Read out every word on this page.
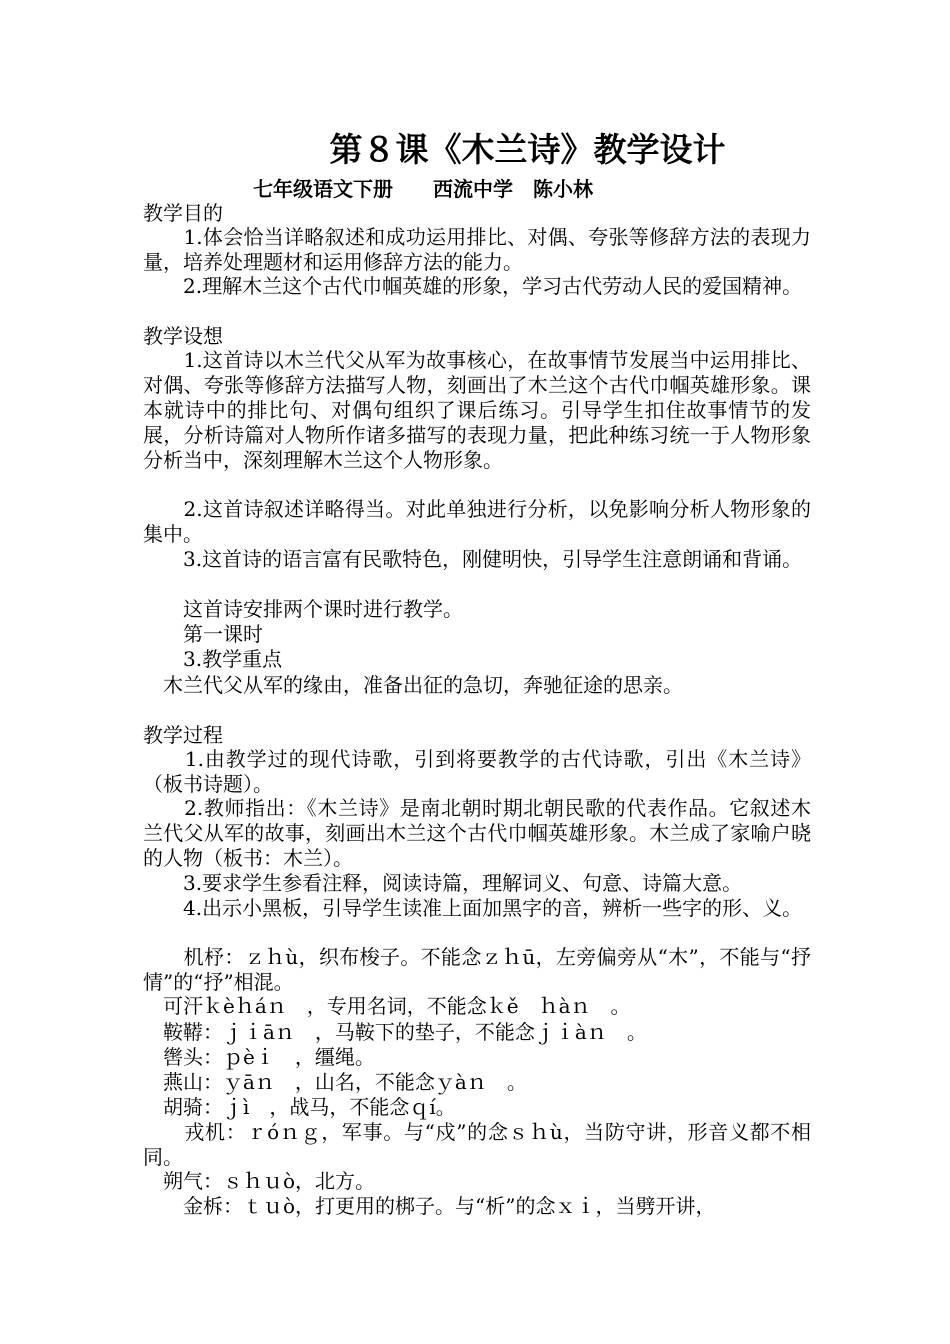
第８课《木兰诗》教学设计
七年级语文下册　　西流中学　陈小林
教学目的
　　1.体会恰当详略叙述和成功运用排比、对偶、夸张等修辞方法的表现力量，培养处理题材和运用修辞方法的能力。
　　2.理解木兰这个古代巾帼英雄的形象，学习古代劳动人民的爱国精神。
教学设想
　　1.这首诗以木兰代父从军为故事核心，在故事情节发展当中运用排比、对偶、夸张等修辞方法描写人物，刻画出了木兰这个古代巾帼英雄形象。课本就诗中的排比句、对偶句组织了课后练习。引导学生扣住故事情节的发展，分析诗篇对人物所作诸多描写的表现力量，把此种练习统一于人物形象分析当中，深刻理解木兰这个人物形象。
　　2.这首诗叙述详略得当。对此单独进行分析，以免影响分析人物形象的集中。
　　3.这首诗的语言富有民歌特色，刚健明快，引导学生注意朗诵和背诵。
　　这首诗安排两个课时进行教学。
　　第一课时
　　3.教学重点
　木兰代父从军的缘由，准备出征的急切，奔驰征途的思亲。
教学过程
　　1.由教学过的现代诗歌，引到将要教学的古代诗歌，引出《木兰诗》（板书诗题）。
　　2.教师指出：《木兰诗》是南北朝时期北朝民歌的代表作品。它叙述木兰代父从军的故事，刻画出木兰这个古代巾帼英雄形象。木兰成了家喻户晓的人物（板书：木兰）。
　　3.要求学生参看注释，阅读诗篇，理解词义、句意、诗篇大意。
　　4.出示小黑板，引导学生读准上面加黑字的音，辨析一些字的形、义。
　　机杼：ｚｈù，织布梭子。不能念ｚｈū，左旁偏旁从“木”，不能与“抒情”的“抒”相混。
　可汗ｋèｈáｎ　，专用名词，不能念ｋě　ｈàｎ　。
　鞍鞯：ｊｉāｎ　，马鞍下的垫子，不能念ｊｉàｎ　。
　辔头：ｐèｉ　，缰绳。
　燕山：ｙāｎ　，山名，不能念ｙàｎ　。
　胡骑：ｊì　，战马，不能念ｑí。
　　戎机：ｒóｎｇ，军事。与“戍”的念ｓｈù，当防守讲，形音义都不相同。
　朔气：ｓｈｕò，北方。
　　金柝：ｔｕò，打更用的梆子。与“析”的念ｘｉ，当劈开讲，
